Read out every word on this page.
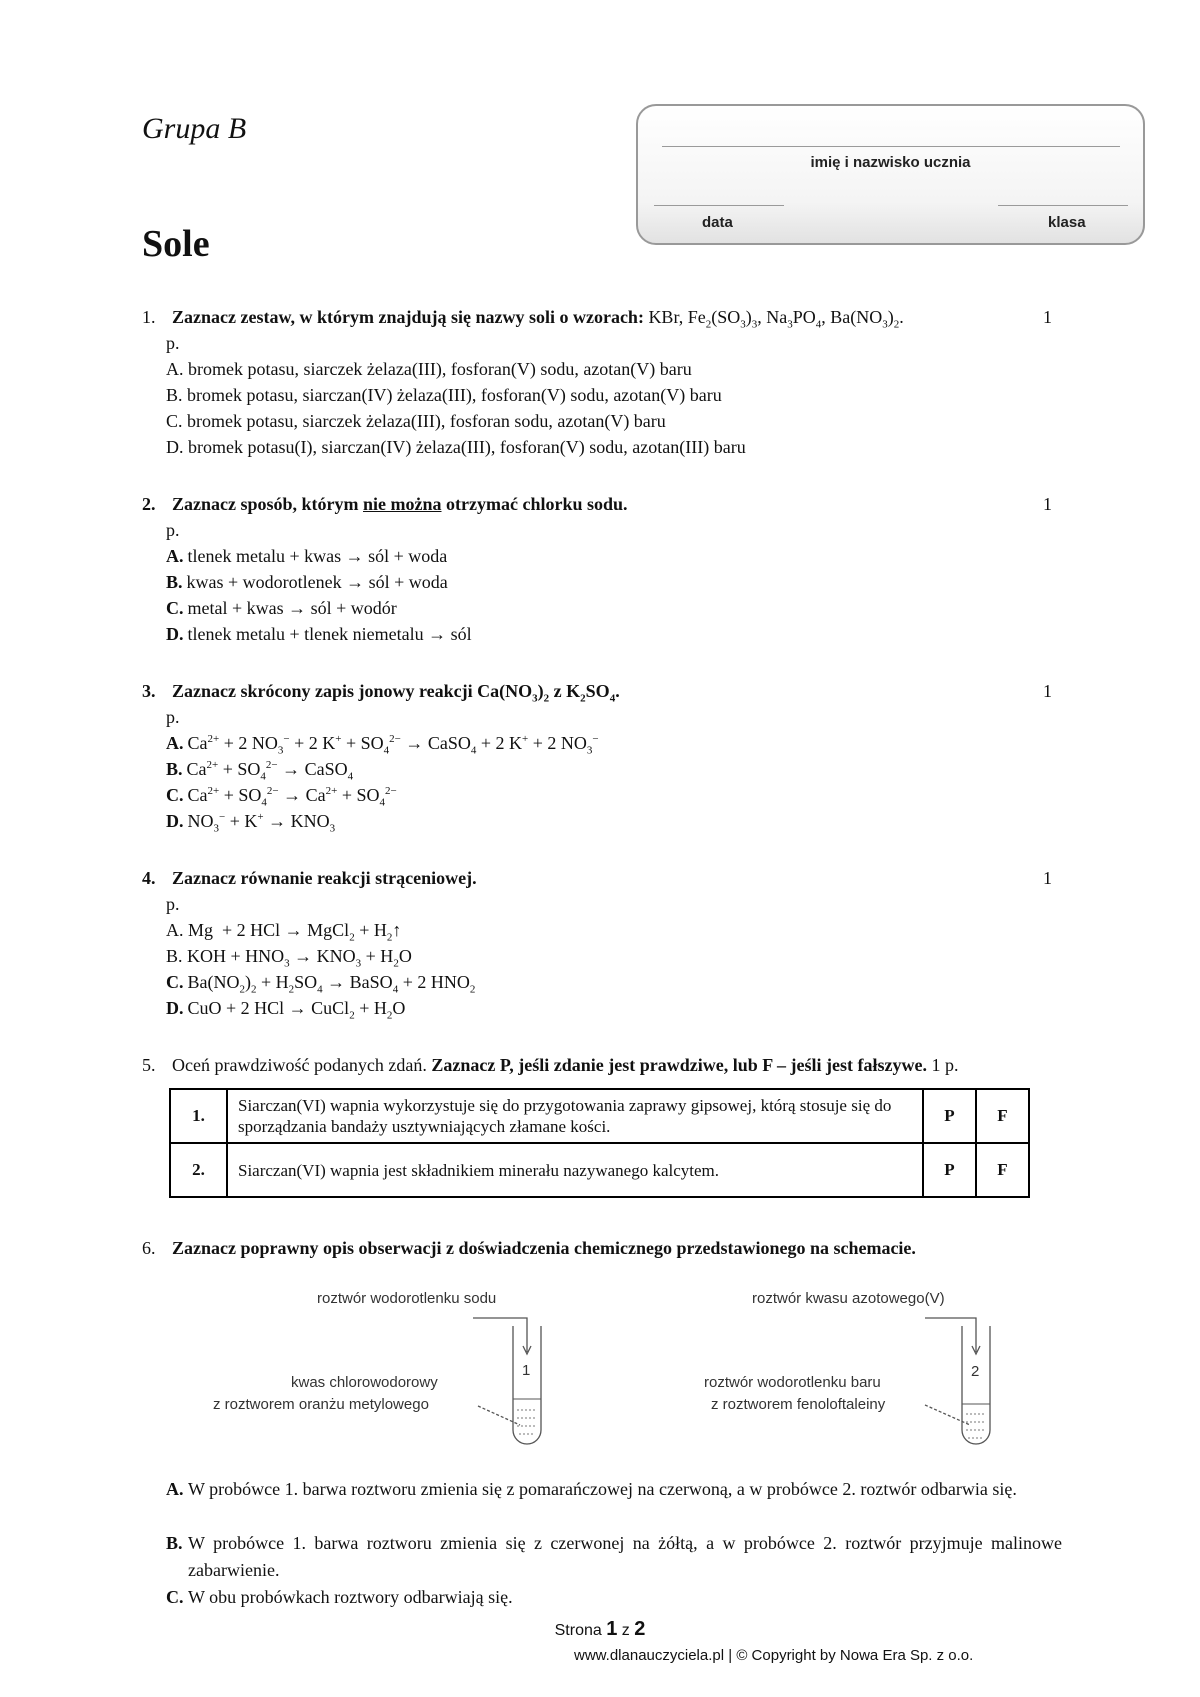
Grupa B
Sole
imię i nazwisko ucznia
data	klasa
1. Zaznacz zestaw, w którym znajdują się nazwy soli o wzorach: KBr, $Fe_2(SO_3)_3$, $Na_3PO_4$, $Ba(NO_3)_2$.	1
p.
A. bromek potasu, siarczek żelaza(III), fosforan(V) sodu, azotan(V) baru
B. bromek potasu, siarczan(IV) żelaza(III), fosforan(V) sodu, azotan(V) baru
C. bromek potasu, siarczek żelaza(III), fosforan sodu, azotan(V) baru
D. bromek potasu(I), siarczan(IV) żelaza(III), fosforan(V) sodu, azotan(III) baru
2. Zaznacz sposób, którym nie można otrzymać chlorku sodu.	1
p.
A. tlenek metalu + kwas → sól + woda
B. kwas + wodorotlenek → sól + woda
C. metal + kwas → sól + wodór
D. tlenek metalu + tlenek niemetalu → sól
3. Zaznacz skrócony zapis jonowy reakcji $Ca(NO_3)_2$ z $K_2SO_4$.	1
p.
A. $Ca^{2+} + 2$ $NO_3^- + 2$ $K^+ + SO_4^{2-}$ → CaSO$_4$ + 2 K+ + 2 $NO_3^-$
B. $Ca^{2+} + SO_4^{2-}$ → CaSO$_4$
C. $Ca^{2+} + SO_4^{2-} \to Ca^{2+} + SO_4^{2-}$
D. $NO_3^- + K^+ \to KNO_3$
4. Zaznacz równanie reakcji strąceniowej.	1
p.
A. Mg  + 2 HCl → MgCl$_2$ + $H_2↑$
B. KOH + $HNO_3 \to KNO_3 + H_2O$
C. $Ba(NO_2)_2 + H_2SO_4$ → BaSO$_4$ + 2 $HNO_2$
D. CuO + 2 HCl → CuCl$_2$ + $H_2O$
5. Oceń prawdziwość podanych zdań. Zaznacz P, jeśli zdanie jest prawdziwe, lub F – jeśli jest fałszywe. 1 p.
1.	Siarczan(VI) wapnia wykorzystuje się do przygotowania zaprawy gipsowej, którą stosuje się do sporządzania bandaży usztywniających złamane kości.	P	F
2.	Siarczan(VI) wapnia jest składnikiem minerału nazywanego kalcytem.	P	F
6. Zaznacz poprawny opis obserwacji z doświadczenia chemicznego przedstawionego na schemacie.
roztwór wodorotlenku sodu
1
kwas chlorowodorowy
z roztworem oranżu metylowego
roztwór kwasu azotowego(V)
2
roztwór wodorotlenku baru
z roztworem fenoloftaleiny
A. W probówce 1. barwa roztworu zmienia się z pomarańczowej na czerwoną, a w probówce 2. roztwór odbarwia się.
B. W probówce 1. barwa roztworu zmienia się z czerwonej na żółtą, a w probówce 2. roztwór przyjmuje malinowe zabarwienie.
C. W obu probówkach roztwory odbarwiają się.
Strona 1 z 2
www.dlanauczyciela.pl | © Copyright by Nowa Era Sp. z o.o.
